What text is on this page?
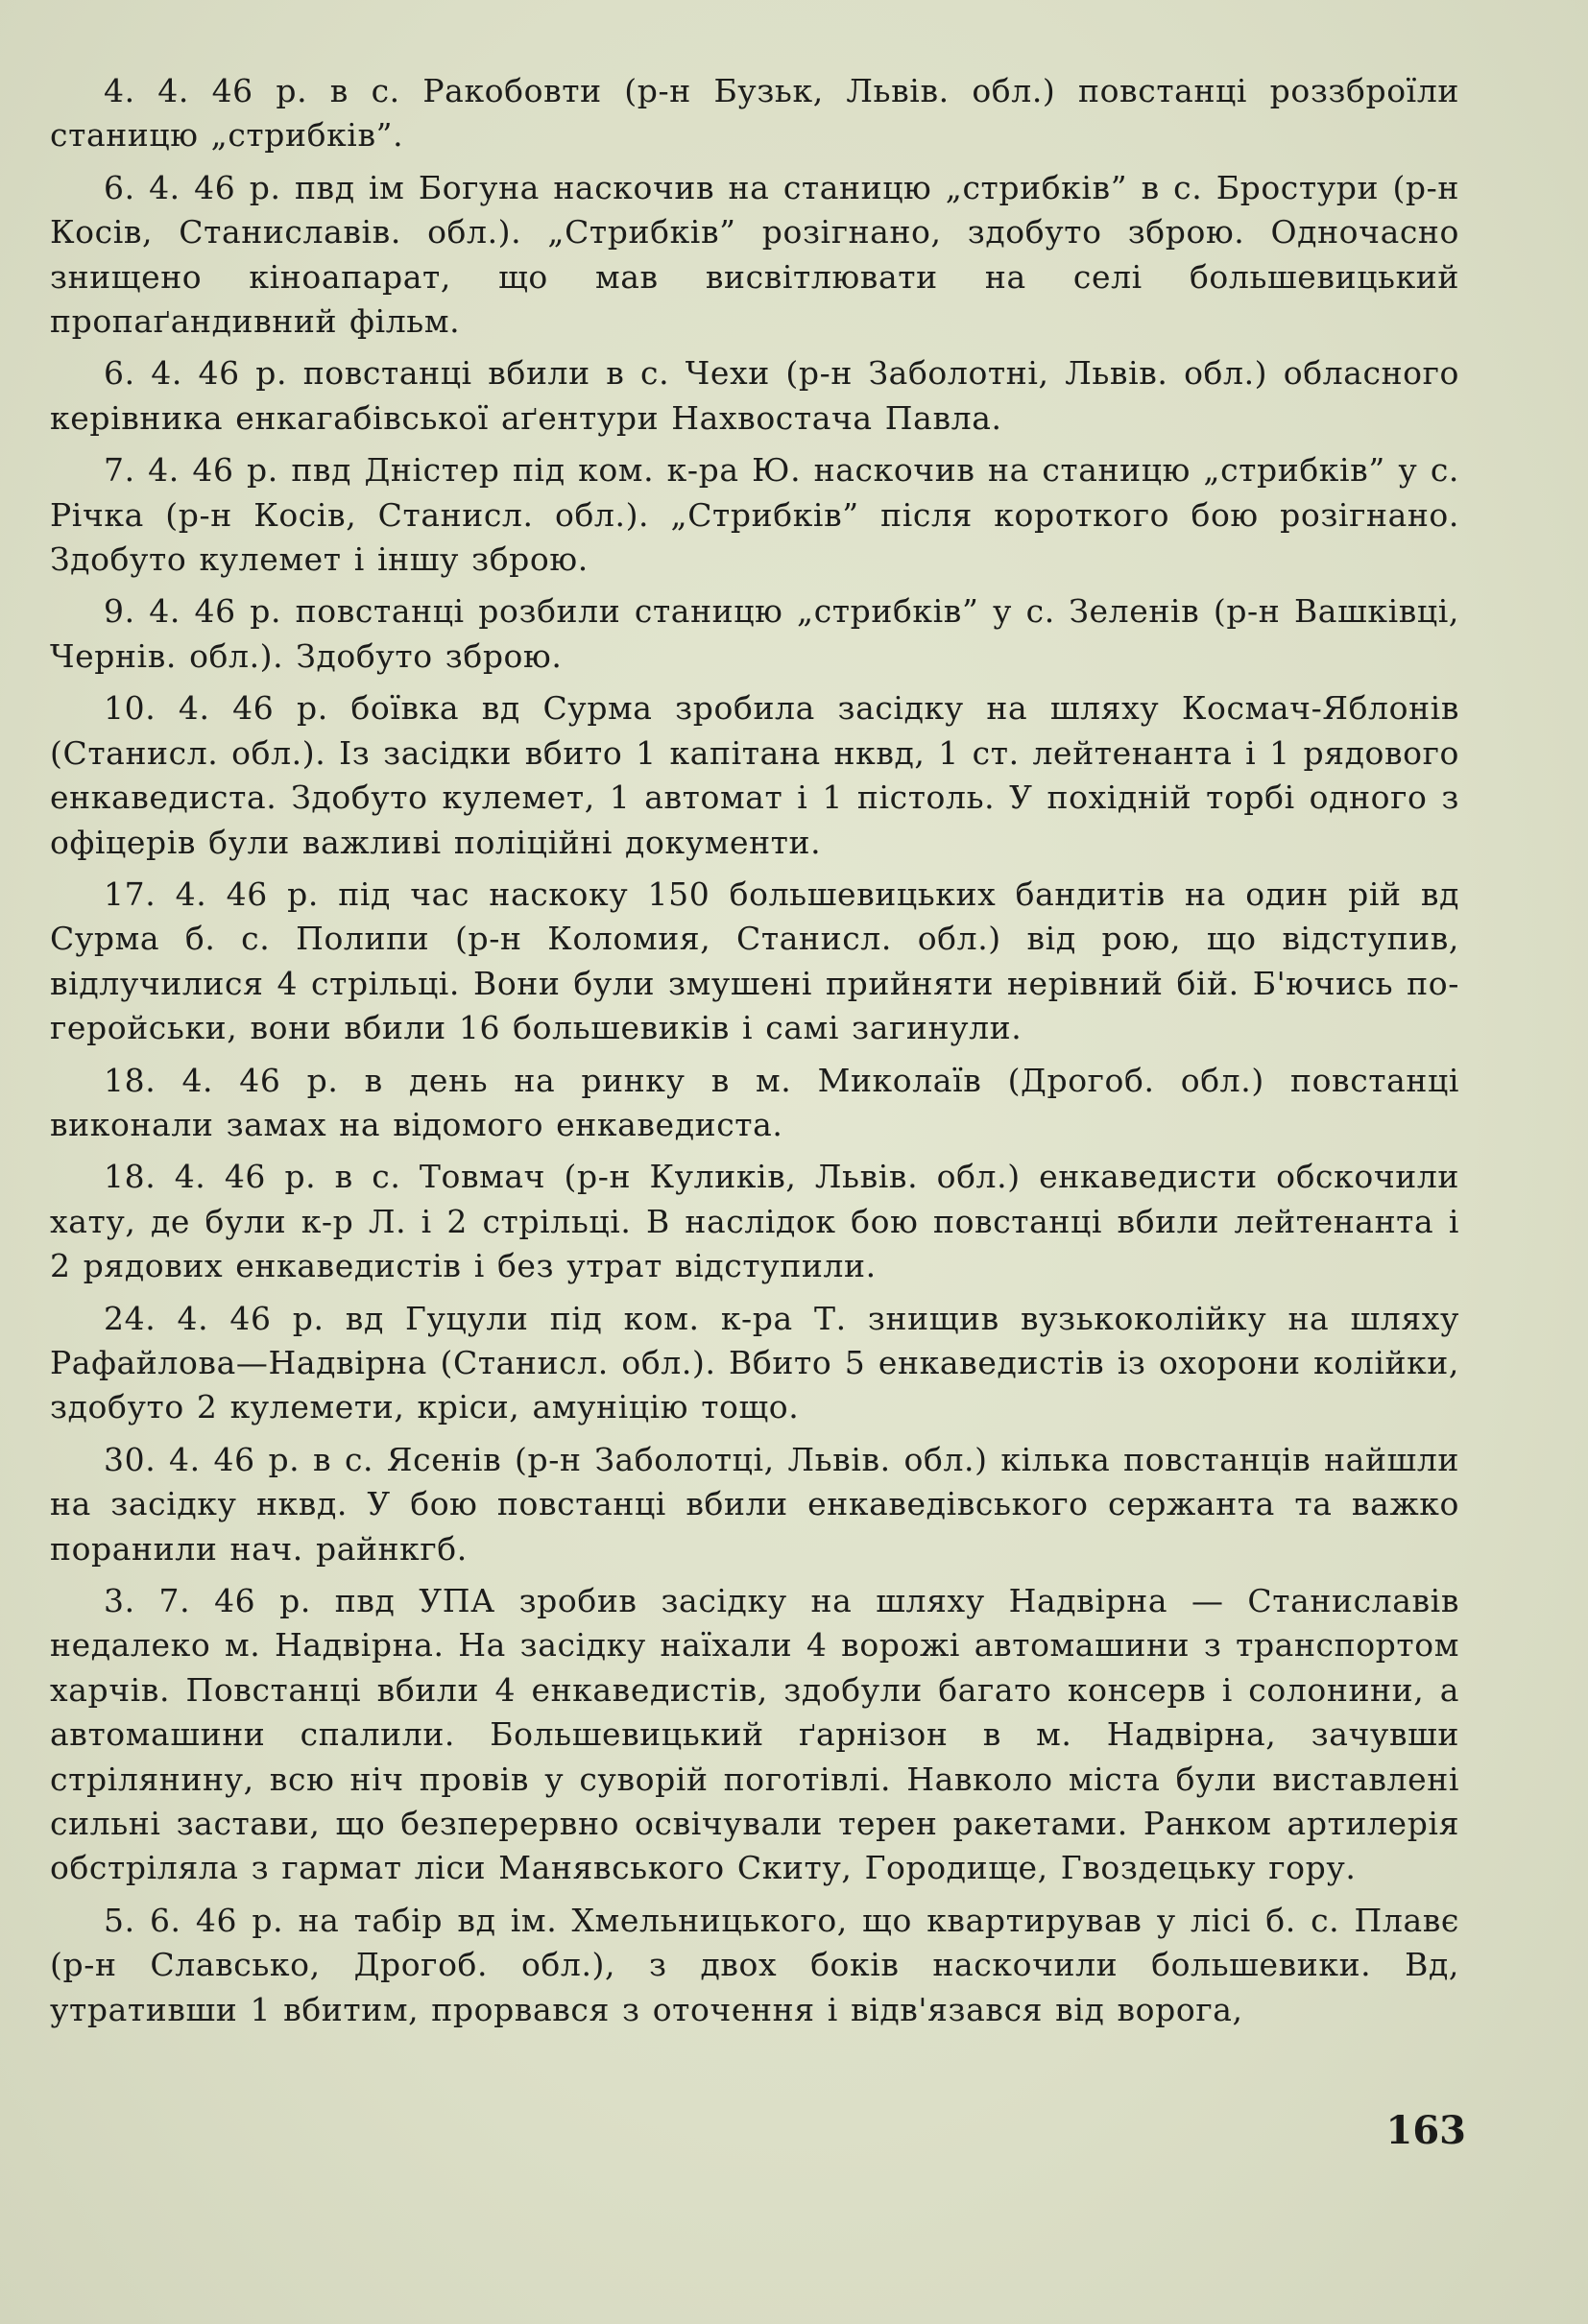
4. 4. 46 р. в с. Ракобовти (р-н Бузьк, Львів. обл.) повстанці роззброїли станицю „стрибків”.

6. 4. 46 р. пвд ім Богуна наскочив на станицю „стрибків” в с. Бростури (р-н Косів, Станиславів. обл.). „Стрибків” розігнано, здобуто зброю. Одночасно знищено кіноапарат, що мав висвітлювати на селі большевицький пропаґандивний фільм.

6. 4. 46 р. повстанці вбили в с. Чехи (р-н Заболотні, Львів. обл.) обласного керівника енкагабівської аґентури Нахвостача Павла.

7. 4. 46 р. пвд Дністер під ком. к-ра Ю. наскочив на станицю „стрибків” у с. Річка (р-н Косів, Станисл. обл.). „Стрибків” після короткого бою розігнано. Здобуто кулемет і іншу зброю.

9. 4. 46 р. повстанці розбили станицю „стрибків” у с. Зеленів (р-н Вашківці, Чернів. обл.). Здобуто зброю.

10. 4. 46 р. боївка вд Сурма зробила засідку на шляху Космач-Яблонів (Станисл. обл.). Із засідки вбито 1 капітана нквд, 1 ст. лейтенанта і 1 рядового енкаведиста. Здобуто кулемет, 1 автомат і 1 пістоль. У похідній торбі одного з офіцерів були важливі поліційні документи.

17. 4. 46 р. під час наскоку 150 большевицьких бандитів на один рій вд Сурма б. с. Полипи (р-н Коломия, Станисл. обл.) від рою, що відступив, відлучилися 4 стрільці. Вони були змушені прийняти нерівний бій. Б'ючись по-геройськи, вони вбили 16 большевиків і самі загинули.

18. 4. 46 р. в день на ринку в м. Миколаїв (Дрогоб. обл.) повстанці виконали замах на відомого енкаведиста.

18. 4. 46 р. в с. Товмач (р-н Куликів, Львів. обл.) енкаведисти обскочили хату, де були к-р Л. і 2 стрільці. В наслідок бою повстанці вбили лейтенанта і 2 рядових енкаведистів і без утрат відступили.

24. 4. 46 р. вд Гуцули під ком. к-ра Т. знищив вузькоколійку на шляху Рафайлова—Надвірна (Станисл. обл.). Вбито 5 енкаведистів із охорони колійки, здобуто 2 кулемети, кріси, амуніцію тощо.

30. 4. 46 р. в с. Ясенів (р-н Заболотці, Львів. обл.) кілька повстанців найшли на засідку нквд. У бою повстанці вбили енкаведівського сержанта та важко поранили нач. райнкгб.

3. 7. 46 р. пвд УПА зробив засідку на шляху Надвірна — Станиславів недалеко м. Надвірна. На засідку наїхали 4 ворожі автомашини з транспортом харчів. Повстанці вбили 4 енкаведистів, здобули багато консерв і солонини, а автомашини спалили. Большевицький ґарнізон в м. Надвірна, зачувши стрілянину, всю ніч провів у суворій поготівлі. Навколо міста були виставлені сильні застави, що безперервно освічували терен ракетами. Ранком артилерія обстріляла з гармат ліси Манявського Скиту, Городище, Гвоздецьку гору.

5. 6. 46 р. на табір вд ім. Хмельницького, що квартирував у лісі б. с. Плавє (р-н Славсько, Дрогоб. обл.), з двох боків наскочили большевики. Вд, утративши 1 вбитим, прорвався з оточення і відв'язався від ворога,

163
